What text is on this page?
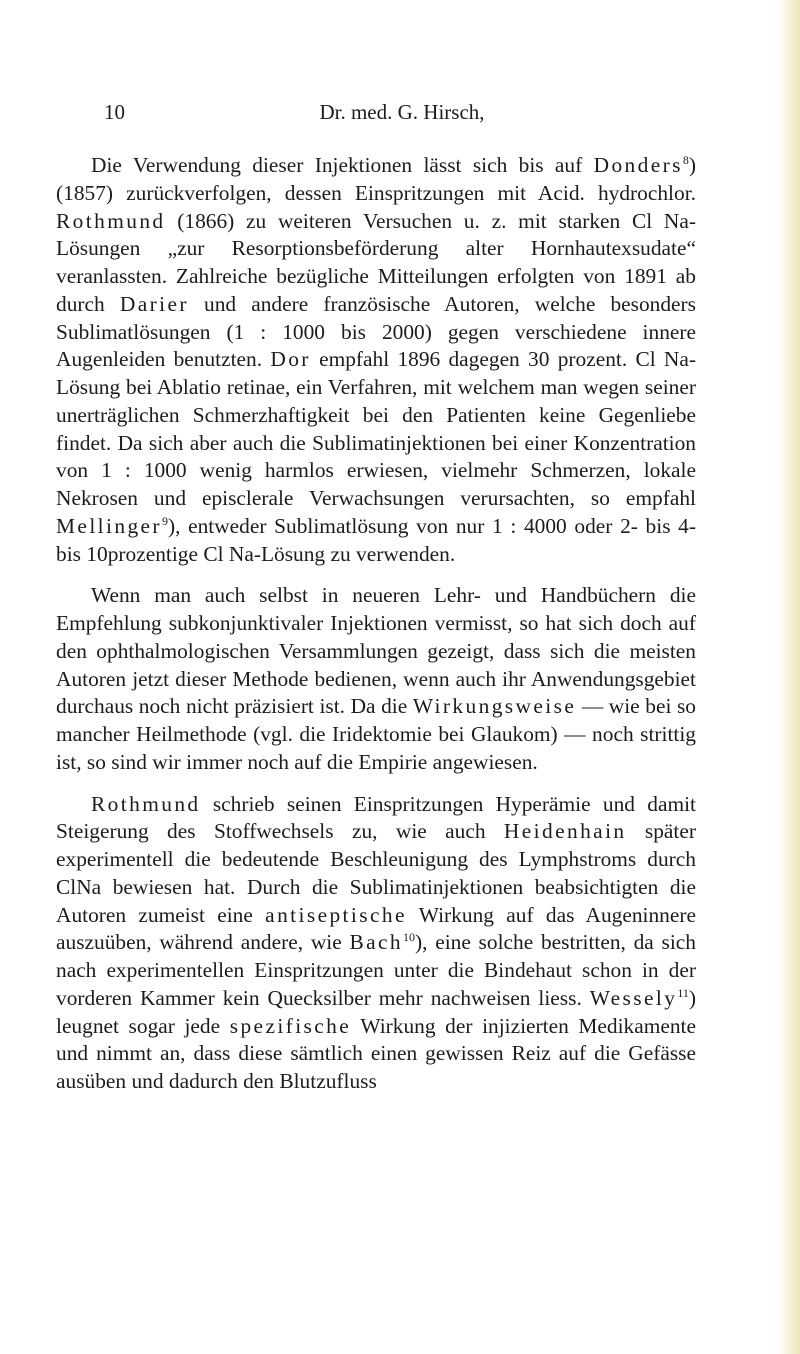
Dr. med. G. Hirsch,
10

Die Verwendung dieser Injektionen lässt sich bis auf Donders$^8$) (1857) zurückverfolgen, dessen Einspritzungen mit Acid. hydrochlor. Rothmund (1866) zu weiteren Versuchen u. z. mit starken Cl Na-Lösungen „zur Resorptionsbeförderung alter Hornhautexsudate“ veranlassten. Zahlreiche bezügliche Mitteilungen erfolgten von 1891 ab durch Darier und andere französische Autoren, welche besonders Sublimatlösungen (1 : 1000 bis 2000) gegen verschiedene innere Augenleiden benutzten. Dor empfahl 1896 dagegen 30 prozent. Cl Na-Lösung bei Ablatio retinae, ein Verfahren, mit welchem man wegen seiner unerträglichen Schmerzhaftigkeit bei den Patienten keine Gegenliebe findet. Da sich aber auch die Sublimatinjektionen bei einer Konzentration von 1 : 1000 wenig harmlos erwiesen, vielmehr Schmerzen, lokale Nekrosen und episclerale Verwachsungen verursachten, so empfahl Mellinger$^9$), entweder Sublimatlösung von nur 1 : 4000 oder 2- bis 4- bis 10prozentige Cl Na-Lösung zu verwenden.

Wenn man auch selbst in neueren Lehr- und Handbüchern die Empfehlung subkonjunktivaler Injektionen vermisst, so hat sich doch auf den ophthalmologischen Versammlungen gezeigt, dass sich die meisten Autoren jetzt dieser Methode bedienen, wenn auch ihr Anwendungsgebiet durchaus noch nicht präzisiert ist. Da die Wirkungsweise — wie bei so mancher Heilmethode (vgl. die Iridektomie bei Glaukom) — noch strittig ist, so sind wir immer noch auf die Empirie angewiesen.

Rothmund schrieb seinen Einspritzungen Hyperämie und damit Steigerung des Stoffwechsels zu, wie auch Heidenhain später experimentell die bedeutende Beschleunigung des Lymphstroms durch ClNa bewiesen hat. Durch die Sublimatinjektionen beabsichtigten die Autoren zumeist eine antiseptische Wirkung auf das Augeninnere auszuüben, während andere, wie Bach$^{10}$), eine solche bestritten, da sich nach experimentellen Einspritzungen unter die Bindehaut schon in der vorderen Kammer kein Quecksilber mehr nachweisen liess. Wessely$^{11}$) leugnet sogar jede spezifische Wirkung der injizierten Medikamente und nimmt an, dass diese sämtlich einen gewissen Reiz auf die Gefässe ausüben und dadurch den Blutzufluss
